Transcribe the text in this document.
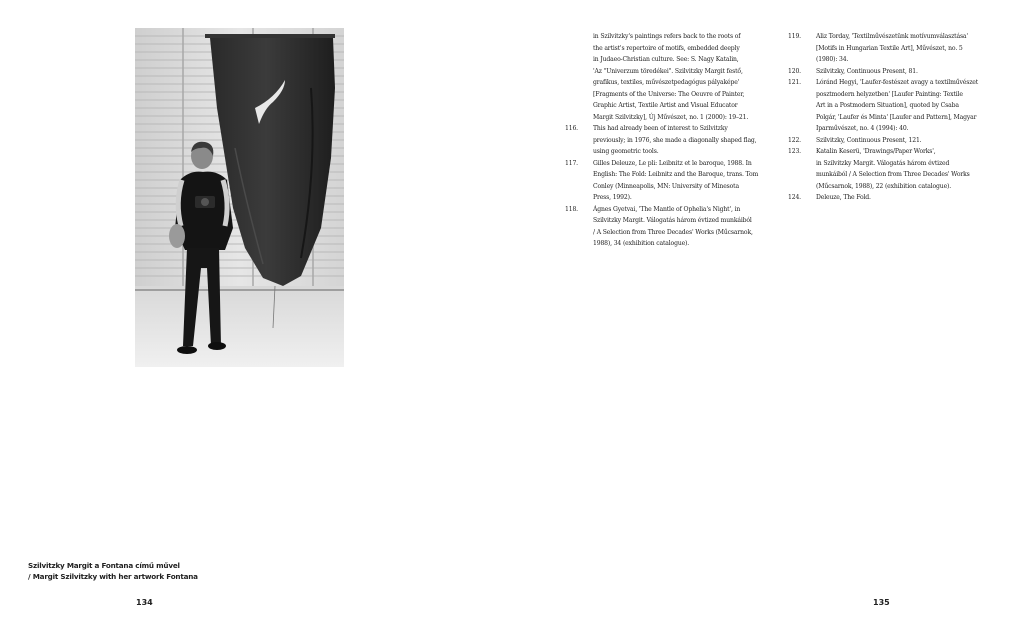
Szilvitzky Margit a Fontana című művel
/ Margit Szilvitzky with her artwork Fontana
134
in Szilvitzky's paintings refers back to the roots of
the artist's repertoire of motifs, embedded deeply
in Judaeo-Christian culture. See: S. Nagy Katalin,
'Az "Univerzum töredékei". Szilvitzky Margit festő,
grafikus, textiles, művészetpedagógus pályaképe'
[Fragments of the Universe: The Oeuvre of Painter,
Graphic Artist, Textile Artist and Visual Educator
Margit Szilvitzky], Új Művészet, no. 1 (2000): 19–21.
116. This had already been of interest to Szilvitzky
previously; in 1976, she made a diagonally shaped flag,
using geometric tools.
117. Gilles Deleuze, Le pli: Leibnitz et le baroque, 1988. In
English: The Fold: Leibnitz and the Baroque, trans. Tom
Conley (Minneapolis, MN: University of Minesota
Press, 1992).
118. Ágnes Gyetvai, 'The Mantle of Ophelia's Night', in
Szilvitzky Margit. Válogatás három évtized munkáiból
/ A Selection from Three Decades' Works (Műcsarnok,
1988), 34 (exhibition catalogue).
119. Aliz Torday, 'Textilművészetünk motívumválasztása'
[Motifs in Hungarian Textile Art], Művészet, no. 5
(1980): 34.
120. Szilvitzky, Continuous Present, 81.
121. Lóránd Hegyi, 'Laufer-festészet avagy a textilművészet
posztmodern helyzetben' [Laufer Painting: Textile
Art in a Postmodern Situation], quoted by Csaba
Polgár, 'Laufer és Minta' [Laufer and Pattern], Magyar
Iparművészet, no. 4 (1994): 40.
122. Szilvitzky, Continuous Present, 121.
123. Katalin Keserü, 'Drawings/Paper Works',
in Szilvitzky Margit. Válogatás három évtized
munkáiból / A Selection from Three Decades' Works
(Műcsarnok, 1988), 22 (exhibition catalogue).
124. Deleuze, The Fold.
135
